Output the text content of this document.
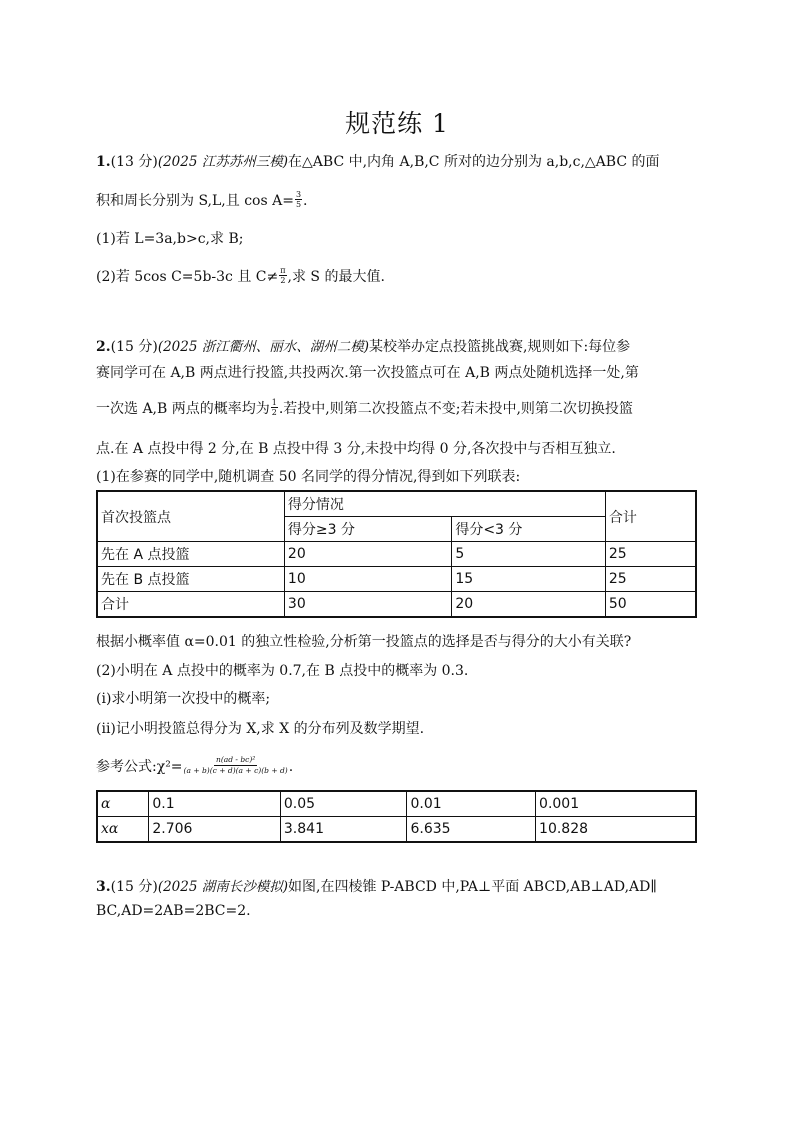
规范练 1
1.(13 分)(2025 江苏苏州三模)在△ABC 中,内角 A,B,C 所对的边分别为 a,b,c,△ABC 的面
积和周长分别为 S,L,且 $\cos A= \frac{3}{5}$ .
(1)若 L=3a,b>c,求 B;
(2)若 5cos C=5b-3c 且 $C\ne \frac{\pi}{2}$ ,求 S 的最大值.
2.(15 分)(2025 浙江衢州、丽水、湖州二模)某校举办定点投篮挑战赛,规则如下:每位参
赛同学可在 A,B 两点进行投篮,共投两次.第一次投篮点可在 A,B 两点处随机选择一处,第
一次选 A,B 两点的概率均为 $\frac{1}{2}$ .若投中,则第二次投篮点不变;若未投中,则第二次切换投篮
点.在 A 点投中得 2 分,在 B 点投中得 3 分,未投中均得 0 分,各次投中与否相互独立.
(1)在参赛的同学中,随机调查 50 名同学的得分情况,得到如下列联表:
首次投篮点	得分情况		合计
	得分≥3 分	得分<3 分	
先在 A 点投篮	20	5	25
先在 B 点投篮	10	15	25
合计	30	20	50
根据小概率值 α=0.01 的独立性检验,分析第一投篮点的选择是否与得分的大小有关联?
(2)小明在 A 点投中的概率为 0.7,在 B 点投中的概率为 0.3.
(ⅰ)求小明第一次投中的概率;
(ⅱ)记小明投篮总得分为 X,求 X 的分布列及数学期望.
参考公式:χ²= $\frac{\text{n(ad - bc)²}}{(a + b)(c + d)(a + c)(b + d)}$ .
α	0.1	0.05	0.01	0.001
xα	2.706	3.841	6.635	10.828
3.(15 分)(2025 湖南长沙模拟)如图,在四棱锥 P-ABCD 中,PA⊥平面 ABCD,AB⊥AD,AD∥
BC,AD=2AB=2BC=2.
